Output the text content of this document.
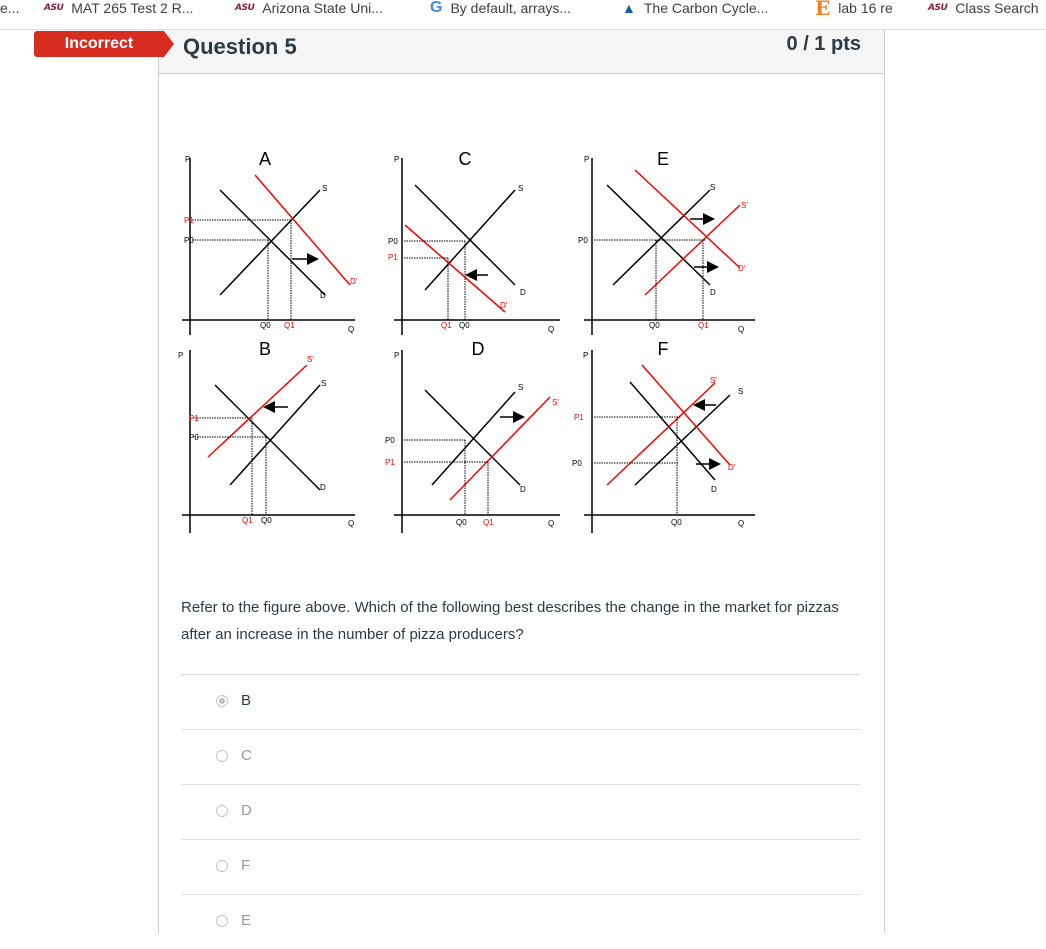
e...	ASU MAT 265 Test 2 R...	ASU Arizona State Uni...	G By default, arrays...	▲ The Carbon Cycle... E lab 16 re	ASU Class Search
Incorrect Question 5	0 / 1 pts
A
P
Q
S
D
D'
P1
P0
Q0 Q1
C
P
Q
S
D
D'
P0
P1
Q1 Q0
E
P
Q
S
S'
D
D'
P0
Q0	Q1
B
P
Q
S
S'
D
P1
P0
Q1 Q0
D
P
Q
S
S'
D
P0
P1
Q0 Q1
F
P
Q
S
S'
D
D'
P1
P0
Q0
Refer to the figure above. Which of the following best describes the change in the market for pizzas after an increase in the number of pizza producers?
B
C
D
F
E
